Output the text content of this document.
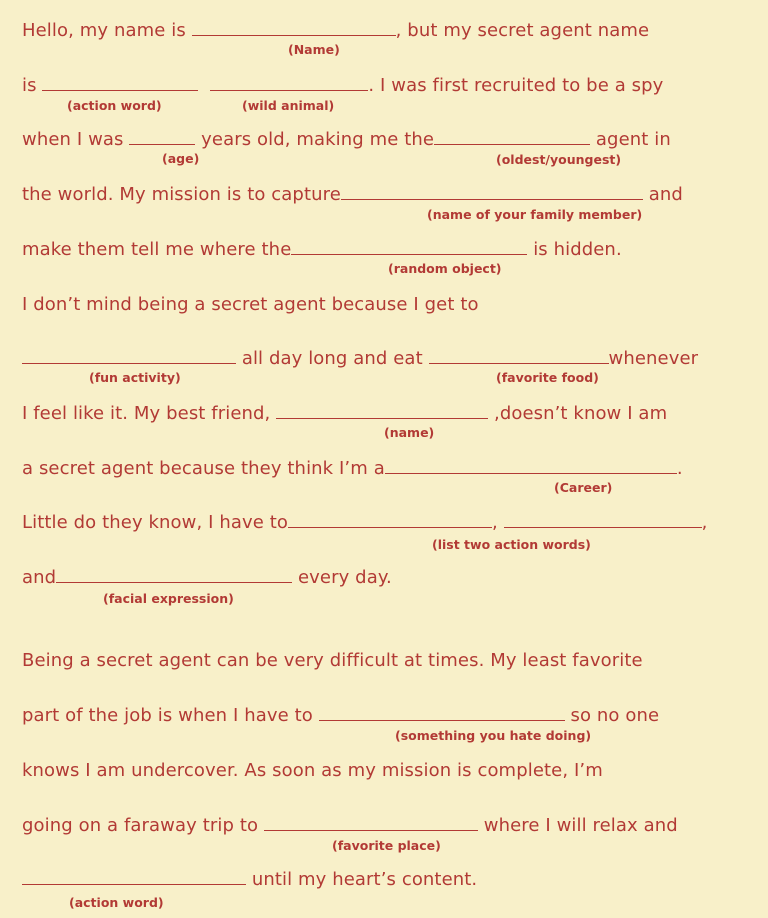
Hello, my name is	, but my secret agent name
(Name)
is	. I was first recruited to be a spy
(action word)	(wild animal)
when I was	years old, making me the	agent in
(age)	(oldest/youngest)
the world. My mission is to capture	and
(name of your family member)
make them tell me where the	is hidden.
(random object)
I don’t mind being a secret agent because I get to
all day long and eat	whenever
(fun activity)	(favorite food)
I feel like it. My best friend,	,doesn’t know I am
(name)
a secret agent because they think I’m a	.
(Career)
Little do they know, I have to	,	,
(list two action words)
and	every day.
(facial expression)
Being a secret agent can be very difficult at times. My least favorite
part of the job is when I have to	so no one
(something you hate doing)
knows I am undercover. As soon as my mission is complete, I’m
going on a faraway trip to	where I will relax and
(favorite place)
until my heart’s content.
(action word)
